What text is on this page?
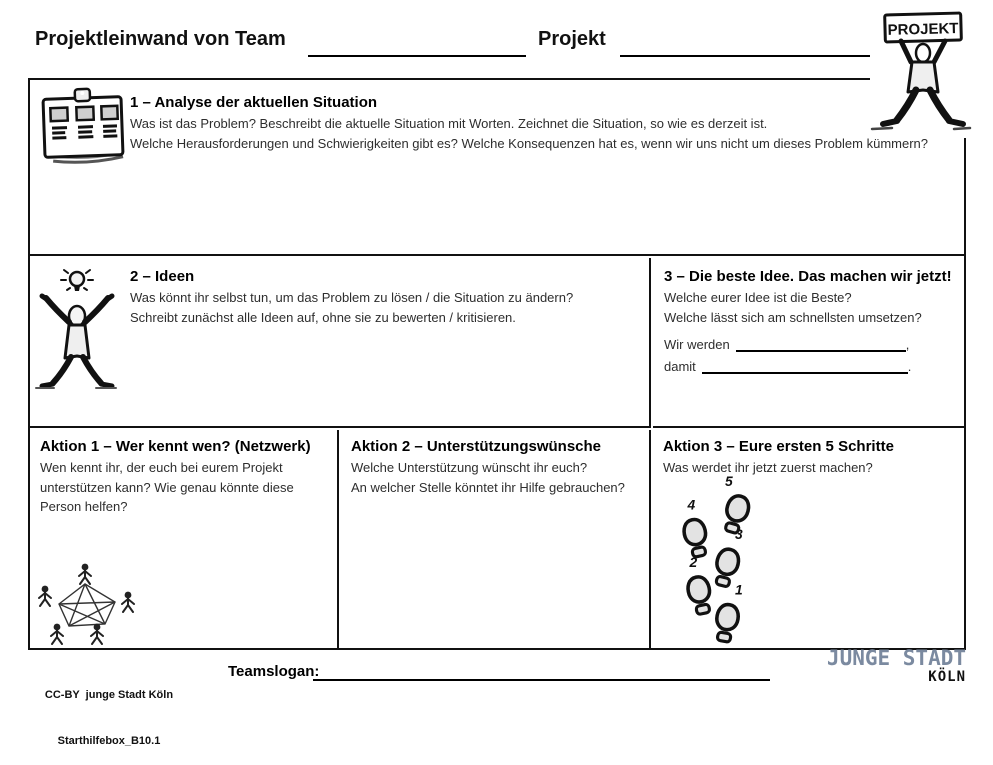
Projektleinwand von Team	Projekt	PROJEKT
1 – Analyse der aktuellen Situation
Was ist das Problem? Beschreibt die aktuelle Situation mit Worten. Zeichnet die Situation, so wie es derzeit ist.
Welche Herausforderungen und Schwierigkeiten gibt es? Welche Konsequenzen hat es, wenn wir uns nicht um dieses Problem kümmern?
2 – Ideen
Was könnt ihr selbst tun, um das Problem zu lösen / die Situation zu ändern?
Schreibt zunächst alle Ideen auf, ohne sie zu bewerten / kritisieren.
3 – Die beste Idee. Das machen wir jetzt!
Welche eurer Idee ist die Beste?
Welche lässt sich am schnellsten umsetzen?
Wir werden	,
damit	.
Aktion 1 – Wer kennt wen? (Netzwerk)
Wen kennt ihr, der euch bei eurem Projekt unterstützen kann? Wie genau könnte diese Person helfen?
Aktion 2 – Unterstützungswünsche
Welche Unterstützung wünscht ihr euch?
An welcher Stelle könntet ihr Hilfe gebrauchen?
Aktion 3 – Eure ersten 5 Schritte
Was werdet ihr jetzt zuerst machen?
5
4
3
2
1

CC-BY  junge Stadt Köln

Starthilfebox_B10.1

Teamslogan:
JUNGE STADT
KÖLN
